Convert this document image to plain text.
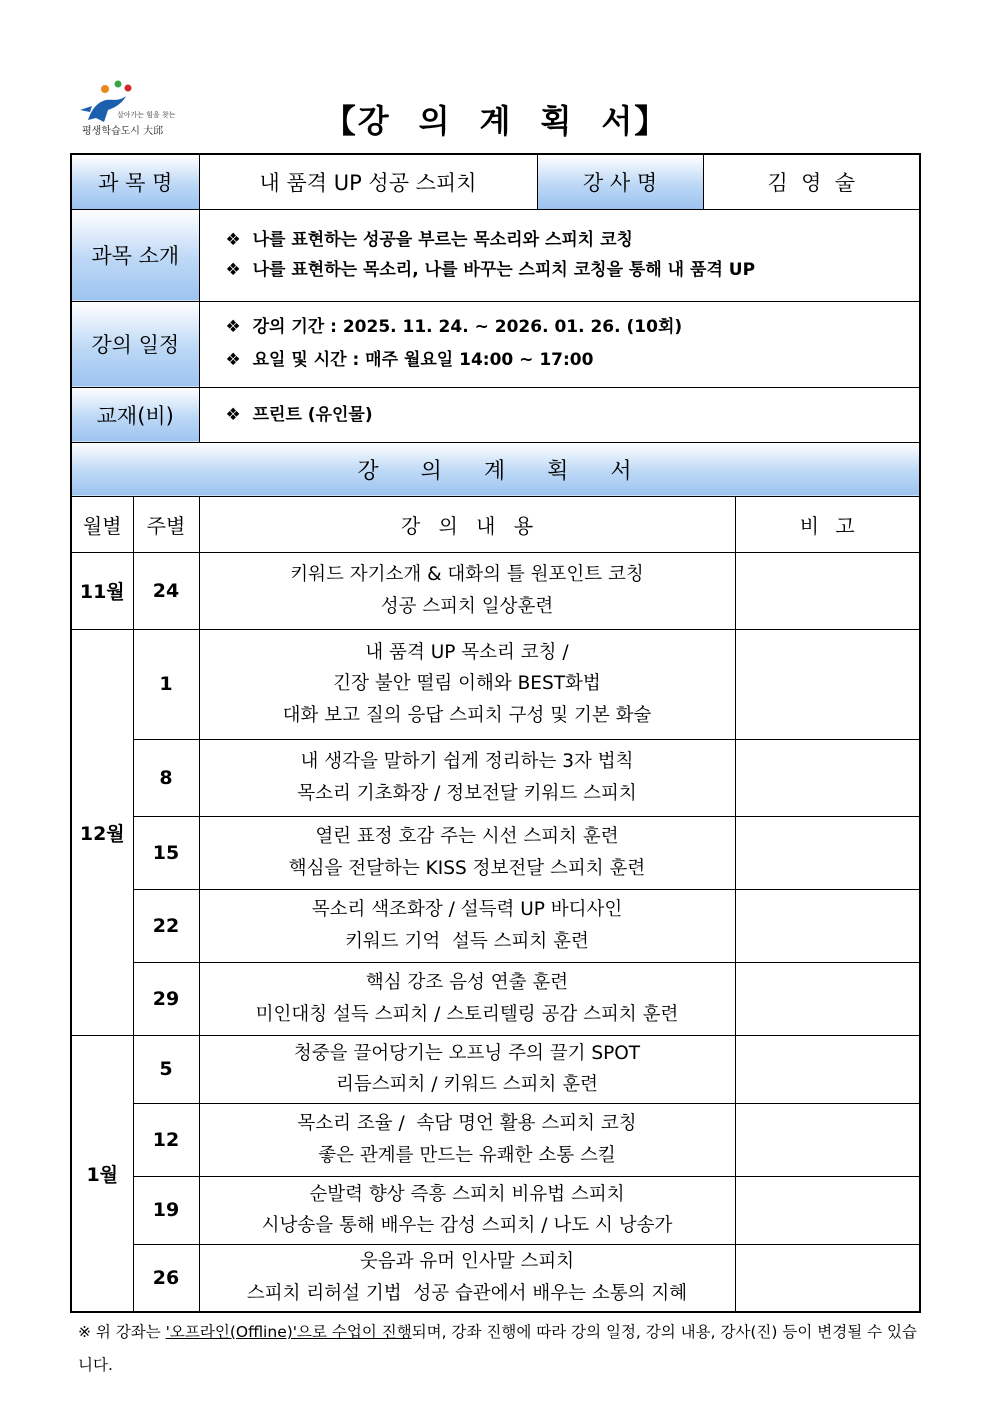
살아가는 힘을 찾는
평생학습도시 大邱	【강 의 계 획 서】
과 목 명		내 품격 UP 성공 스피치	강 사 명	김  영  술	
과목 소개		❖ 나를 표현하는 성공을 부르는 목소리와 스피치 코칭
❖ 나를 표현하는 목소리, 나를 바꾸는 스피치 코칭을 통해 내 품격 UP			

강의 일정		❖ 강의 기간 : 2025. 11. 24. ~ 2026. 01. 26. (10회)
❖ 요일 및 시간 : 매주 월요일 14:00 ~ 17:00			

교재(비)		❖ 프린트 (유인물)			

강의계획서					
월별	주별	강 의 내 용			비 고
11월	24	키워드 자기소개 & 대화의 틀 원포인트 코칭
성공 스피치 일상훈련			

12월	1	내 품격 UP 목소리 코칭 /
긴장 불안 떨림 이해와 BEST화법
대화 보고 질의 응답 스피치 구성 및 기본 화술			

	8	내 생각을 말하기 쉽게 정리하는 3자 법칙
목소리 기초화장 / 정보전달 키워드 스피치			

	15	열린 표정 호감 주는 시선 스피치 훈련
핵심을 전달하는 KISS 정보전달 스피치 훈련			

	22	목소리 색조화장 / 설득력 UP 바디사인
키워드 기억  설득 스피치 훈련			

	29	핵심 강조 음성 연출 훈련
미인대칭 설득 스피치 / 스토리텔링 공감 스피치 훈련			

1월	5	청중을 끌어당기는 오프닝 주의 끌기 SPOT
리듬스피치 / 키워드 스피치 훈련			

	12	목소리 조율 /  속담 명언 활용 스피치 코칭
좋은 관계를 만드는 유쾌한 소통 스킬			

	19	순발력 향상 즉흥 스피치 비유법 스피치
시낭송을 통해 배우는 감성 스피치 / 나도 시 낭송가			

	26	웃음과 유머 인사말 스피치
스피치 리허설 기법  성공 습관에서 배우는 소통의 지혜			

※ 위 강좌는 '오프라인(Offline)'으로 수업이 진행되며, 강좌 진행에 따라 강의 일정, 강의 내용, 강사(진) 등이 변경될 수 있습니다.
